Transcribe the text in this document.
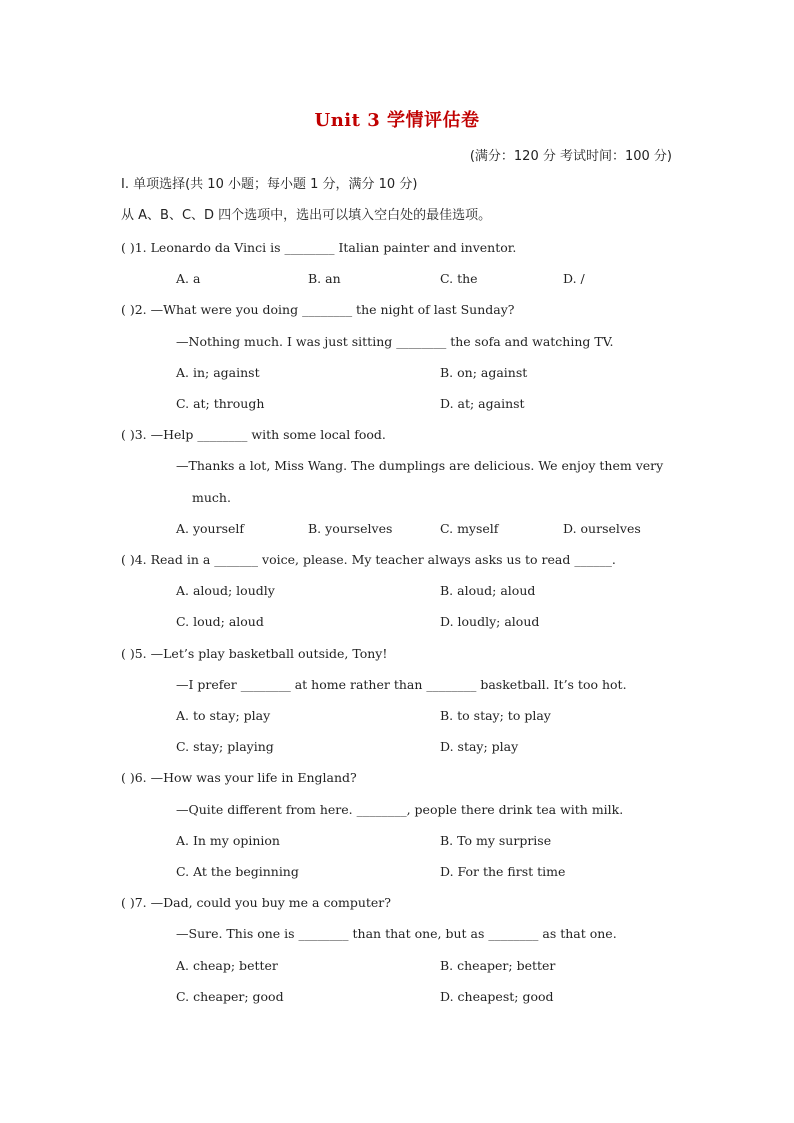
Unit 3 学情评估卷
(满分：120 分 考试时间：100 分)
I. 单项选择(共 10 小题；每小题 1 分，满分 10 分)
从 A、B、C、D 四个选项中，选出可以填入空白处的最佳选项。
( )1. Leonardo da Vinci is ________ Italian painter and inventor.
A. a	B. an	C. the	D. /
( )2. —What were you doing ________ the night of last Sunday?
—Nothing much. I was just sitting ________ the sofa and watching TV.
A. in; against	B. on; against
C. at; through	D. at; against
( )3. —Help ________ with some local food.
—Thanks a lot, Miss Wang. The dumplings are delicious. We enjoy them very
much.
A. yourself	B. yourselves	C. myself	D. ourselves
( )4. Read in a _______ voice, please. My teacher always asks us to read ______.
A. aloud; loudly	B. aloud; aloud
C. loud; aloud	D. loudly; aloud
( )5. —Let’s play basketball outside, Tony!
—I prefer ________ at home rather than ________ basketball. It’s too hot.
A. to stay; play	B. to stay; to play
C. stay; playing	D. stay; play
( )6. —How was your life in England?
—Quite different from here. ________, people there drink tea with milk.
A. In my opinion	B. To my surprise
C. At the beginning	D. For the first time
( )7. —Dad, could you buy me a computer?
—Sure. This one is ________ than that one, but as ________ as that one.
A. cheap; better	B. cheaper; better
C. cheaper; good	D. cheapest; good
